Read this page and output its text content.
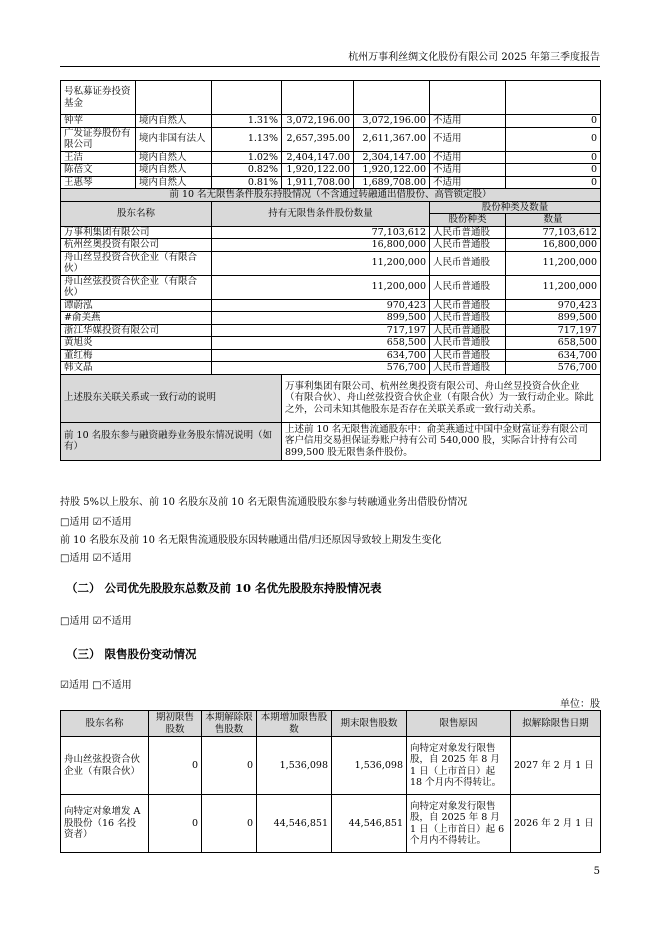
杭州万事利丝绸文化股份有限公司 2025 年第三季度报告
号私募证券投资基金						
钟苹	境内自然人	1.31%	3,072,196.00	3,072,196.00	不适用	0
广发证券股份有限公司	境内非国有法人	1.13%	2,657,395.00	2,611,367.00	不适用	0
王洁	境内自然人	1.02%	2,404,147.00	2,304,147.00	不适用	0
陈蓓文	境内自然人	0.82%	1,920,122.00	1,920,122.00	不适用	0
王惠琴	境内自然人	0.81%	1,911,708.00	1,689,708.00	不适用	0
前 10 名无限售条件股东持股情况（不含通过转融通出借股份、高管锁定股）						
股东名称		持有无限售条件股份数量			股份种类及数量	
					股份种类	数量
万事利集团有限公司		77,103,612			人民币普通股	77,103,612
杭州丝奥投资有限公司		16,800,000			人民币普通股	16,800,000
舟山丝昱投资合伙企业（有限合伙）		11,200,000			人民币普通股	11,200,000
舟山丝弦投资合伙企业（有限合伙）		11,200,000			人民币普通股	11,200,000
谭蔚泓		970,423			人民币普通股	970,423
#俞美燕		899,500			人民币普通股	899,500
浙江华媒投资有限公司		717,197			人民币普通股	717,197
黄旭炎		658,500			人民币普通股	658,500
董红梅		634,700			人民币普通股	634,700
韩文晶		576,700			人民币普通股	576,700
上述股东关联关系或一致行动的说明			万事利集团有限公司、杭州丝奥投资有限公司、舟山丝昱投资合伙企业（有限合伙）、舟山丝弦投资合伙企业（有限合伙）为一致行动企业。除此之外，公司未知其他股东是否存在关联关系或一致行动关系。			
前 10 名股东参与融资融券业务股东情况说明（如有）			上述前 10 名无限售流通股东中：俞美燕通过中国中金财富证券有限公司客户信用交易担保证券账户持有公司 540,000 股，实际合计持有公司 899,500 股无限售条件股份。			
持股 5%以上股东、前 10 名股东及前 10 名无限售流通股股东参与转融通业务出借股份情况
□适用 ☑不适用
前 10 名股东及前 10 名无限售流通股股东因转融通出借/归还原因导致较上期发生变化
□适用 ☑不适用
（二） 公司优先股股东总数及前 10 名优先股股东持股情况表
□适用 ☑不适用
（三） 限售股份变动情况
☑适用 □不适用
单位：股
股东名称	期初限售股数	本期解除限售股数	本期增加限售股数	期末限售股数	限售原因	拟解除限售日期
舟山丝弦投资合伙企业（有限合伙）	0	0	1,536,098	1,536,098	向特定对象发行限售股，自 2025 年 8 月 1 日（上市首日）起 18 个月内不得转让。	2027 年 2 月 1 日
向特定对象增发 A 股股份（16 名投资者）	0	0	44,546,851	44,546,851	向特定对象发行限售股，自 2025 年 8 月 1 日（上市首日）起 6 个月内不得转让。	2026 年 2 月 1 日
5
